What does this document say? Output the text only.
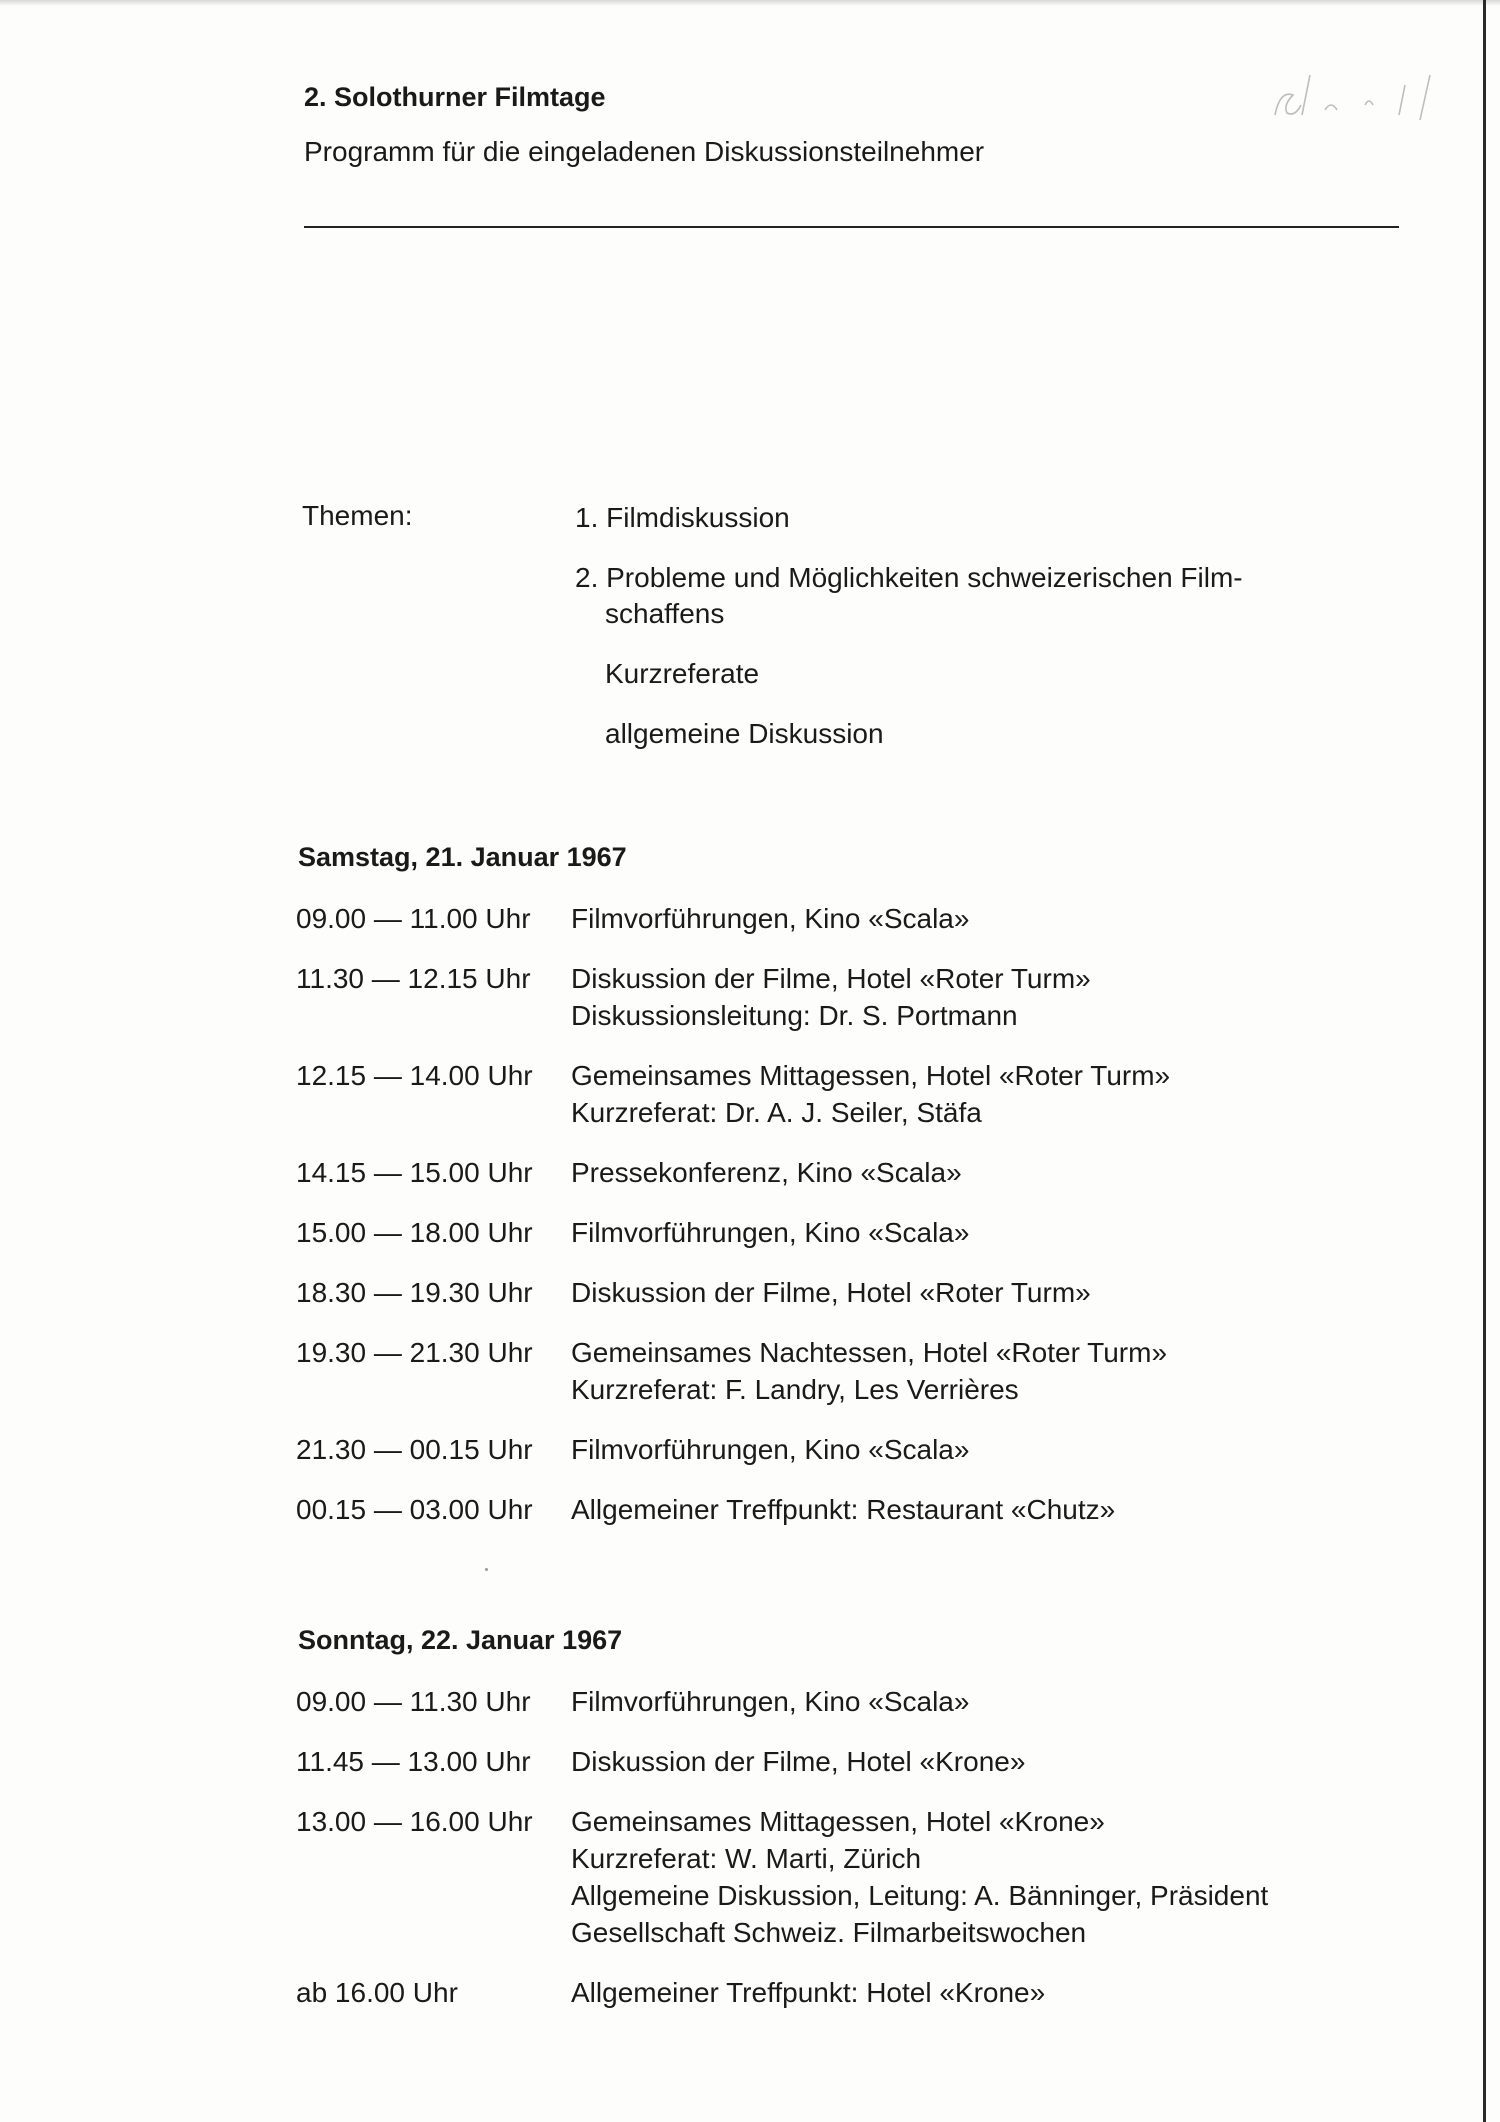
2. Solothurner Filmtage
Programm für die eingeladenen Diskussionsteilnehmer
Themen:	1. Filmdiskussion
2. Probleme und Möglichkeiten schweizerischen Film-
schaffens
Kurzreferate
allgemeine Diskussion
Samstag, 21. Januar 1967
09.00 — 11.00 Uhr	Filmvorführungen, Kino «Scala»
11.30 — 12.15 Uhr	Diskussion der Filme, Hotel «Roter Turm»
Diskussionsleitung: Dr. S. Portmann
12.15 — 14.00 Uhr	Gemeinsames Mittagessen, Hotel «Roter Turm»
Kurzreferat: Dr. A. J. Seiler, Stäfa
14.15 — 15.00 Uhr	Pressekonferenz, Kino «Scala»
15.00 — 18.00 Uhr	Filmvorführungen, Kino «Scala»
18.30 — 19.30 Uhr	Diskussion der Filme, Hotel «Roter Turm»
19.30 — 21.30 Uhr	Gemeinsames Nachtessen, Hotel «Roter Turm»
Kurzreferat: F. Landry, Les Verrières
21.30 — 00.15 Uhr	Filmvorführungen, Kino «Scala»
00.15 — 03.00 Uhr	Allgemeiner Treffpunkt: Restaurant «Chutz»
Sonntag, 22. Januar 1967
09.00 — 11.30 Uhr	Filmvorführungen, Kino «Scala»
11.45 — 13.00 Uhr	Diskussion der Filme, Hotel «Krone»
13.00 — 16.00 Uhr	Gemeinsames Mittagessen, Hotel «Krone»
Kurzreferat: W. Marti, Zürich
Allgemeine Diskussion, Leitung: A. Bänninger, Präsident
Gesellschaft Schweiz. Filmarbeitswochen
ab 16.00 Uhr	Allgemeiner Treffpunkt: Hotel «Krone»
